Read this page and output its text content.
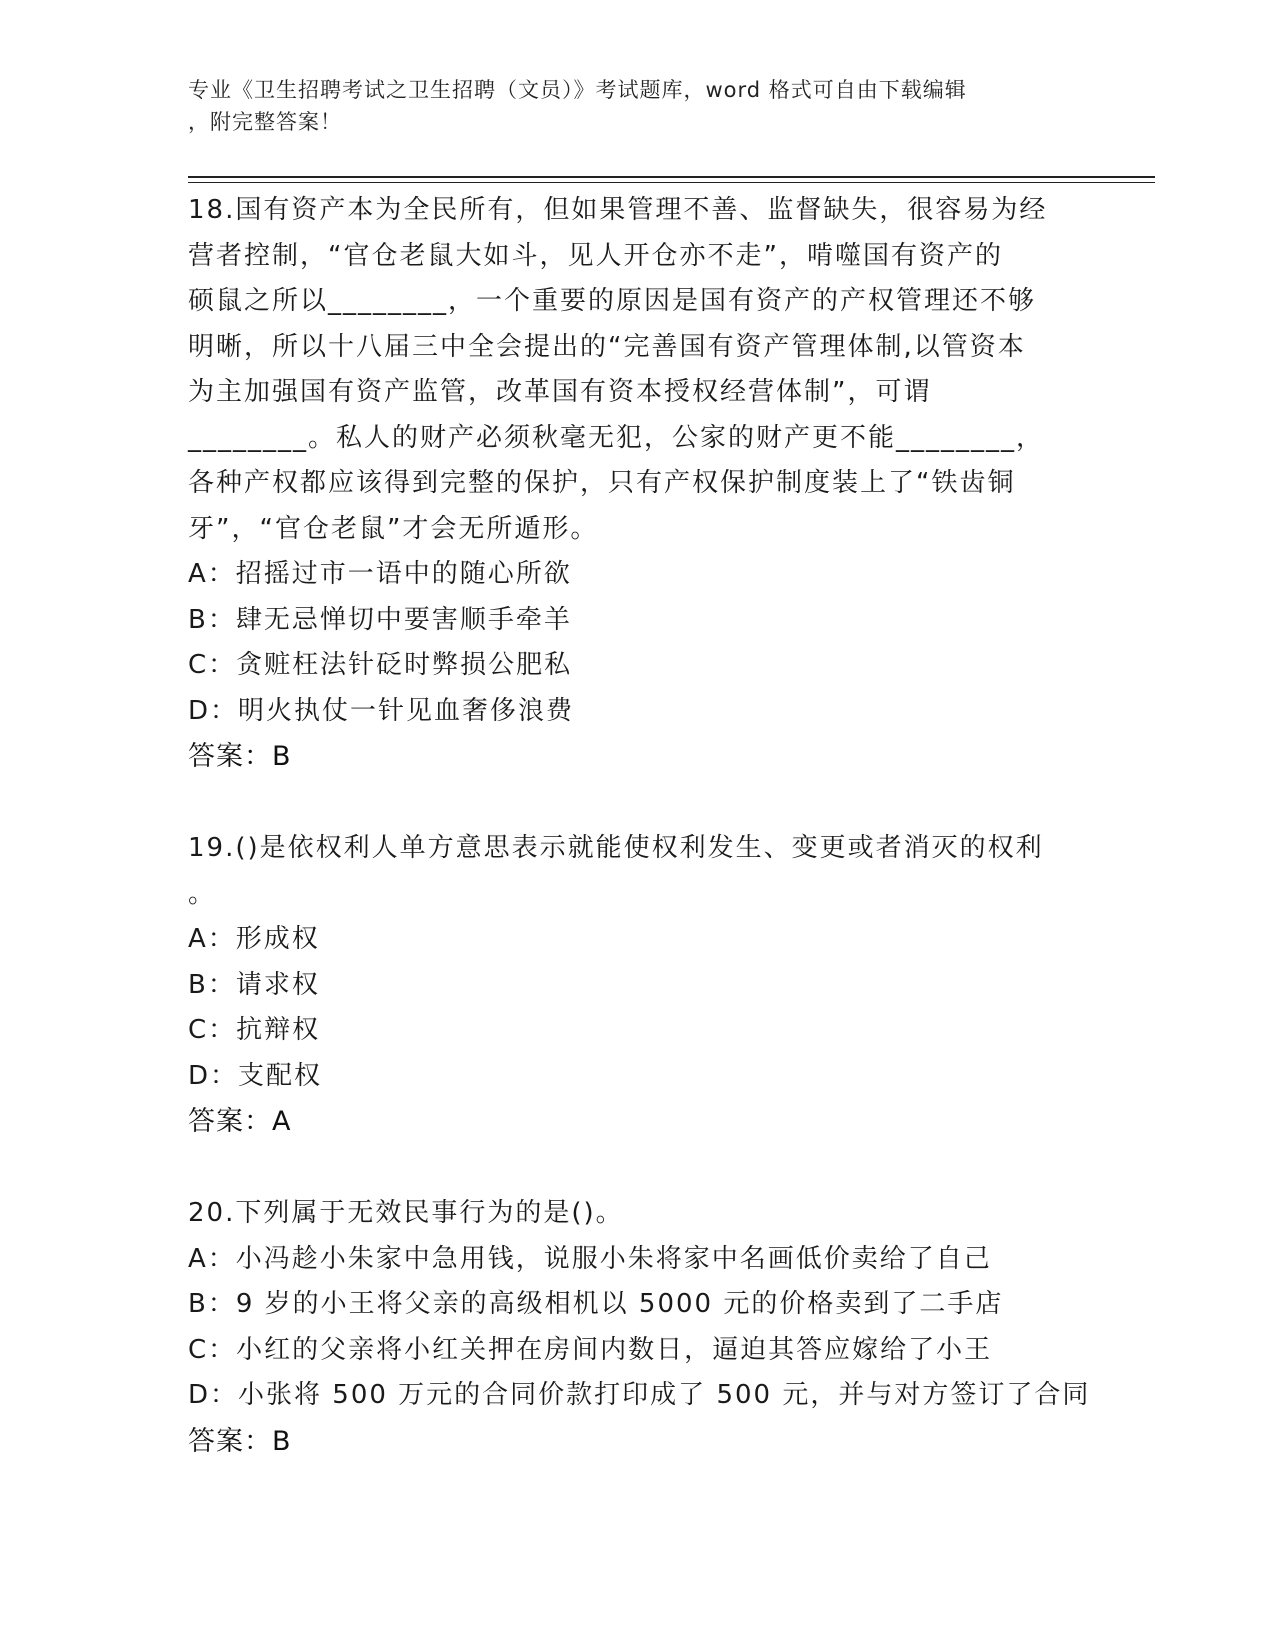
专业《卫生招聘考试之卫生招聘（文员）》考试题库，word 格式可自由下载编辑
，附完整答案！
18.国有资产本为全民所有，但如果管理不善、监督缺失，很容易为经
营者控制，“官仓老鼠大如斗，见人开仓亦不走”，啃噬国有资产的
硕鼠之所以________，一个重要的原因是国有资产的产权管理还不够
明晰，所以十八届三中全会提出的“完善国有资产管理体制,以管资本
为主加强国有资产监管，改革国有资本授权经营体制”，可谓
________。私人的财产必须秋毫无犯，公家的财产更不能________，
各种产权都应该得到完整的保护，只有产权保护制度装上了“铁齿铜
牙”，“官仓老鼠”才会无所遁形。
A：招摇过市一语中的随心所欲
B：肆无忌惮切中要害顺手牵羊
C：贪赃枉法针砭时弊损公肥私
D：明火执仗一针见血奢侈浪费
答案：B
19.()是依权利人单方意思表示就能使权利发生、变更或者消灭的权利
。
A：形成权
B：请求权
C：抗辩权
D：支配权
答案：A
20.下列属于无效民事行为的是()。
A：小冯趁小朱家中急用钱，说服小朱将家中名画低价卖给了自己
B：9 岁的小王将父亲的高级相机以 5000 元的价格卖到了二手店
C：小红的父亲将小红关押在房间内数日，逼迫其答应嫁给了小王
D：小张将 500 万元的合同价款打印成了 500 元，并与对方签订了合同
答案：B
